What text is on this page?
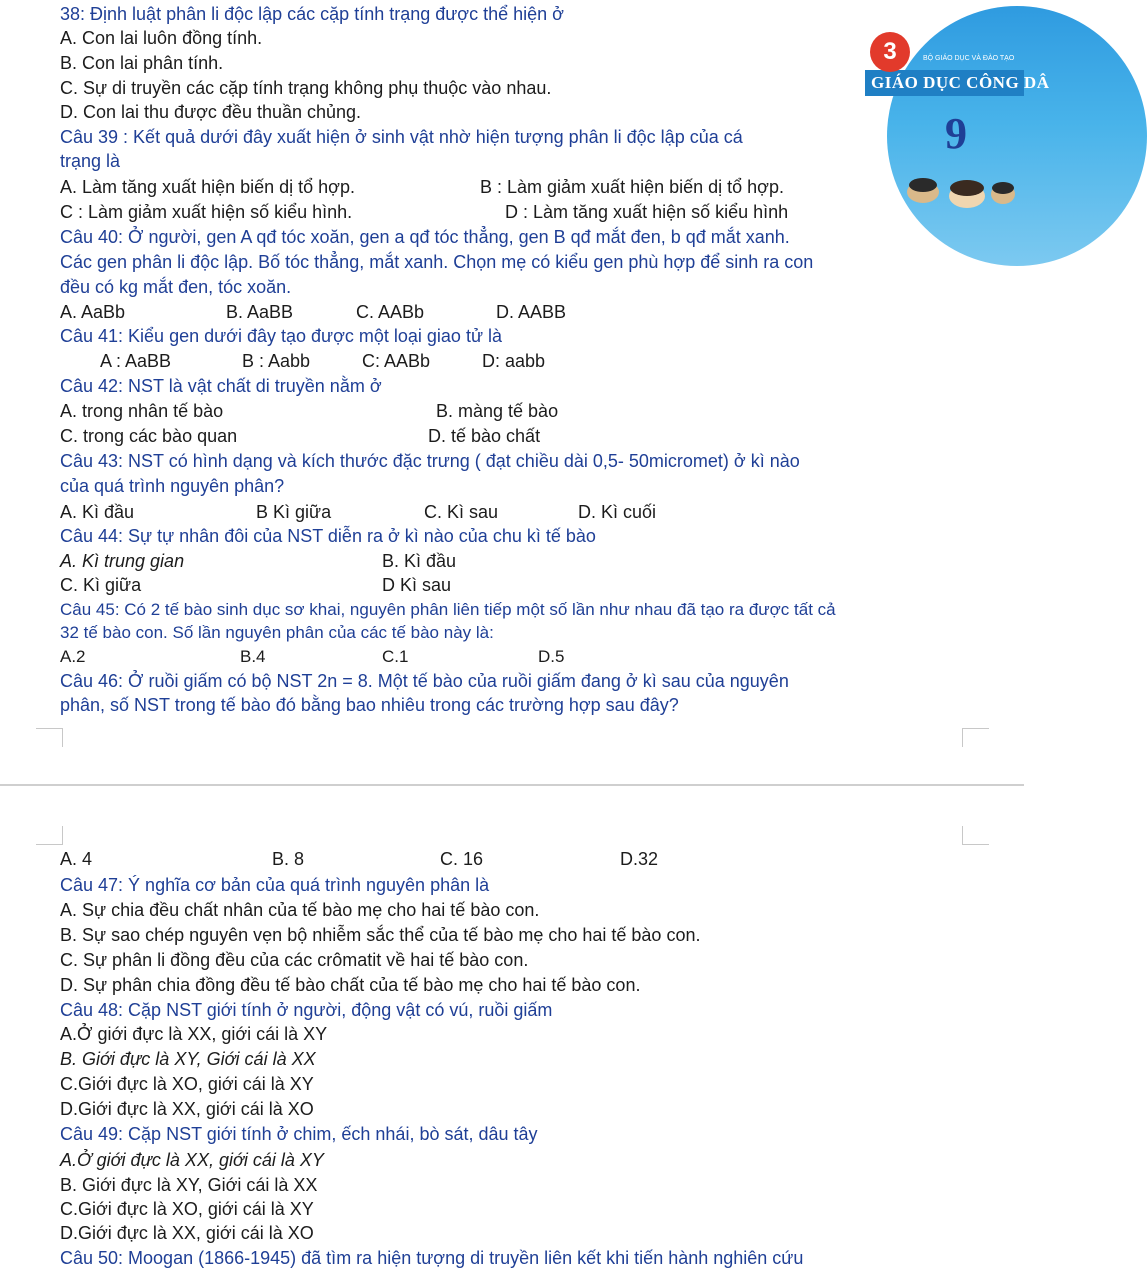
38: Định luật phân li độc lập các cặp tính trạng được thể hiện ở
A. Con lai luôn đồng tính.
B. Con lai phân tính.
C. Sự di truyền các cặp tính trạng không phụ thuộc vào nhau.
D. Con lai thu được đều thuần chủng.
Câu 39 : Kết quả dưới đây xuất hiện ở sinh vật nhờ hiện tượng phân li độc lập của cá
trạng là
A. Làm tăng xuất hiện biến dị tổ hợp.	B : Làm giảm xuất hiện biến dị tổ hợp.
C : Làm giảm xuất hiện số kiểu hình.	D : Làm tăng xuất hiện số kiểu hình
Câu 40: Ở người, gen A qđ tóc xoăn, gen a qđ tóc thẳng, gen B qđ mắt đen, b qđ mắt xanh.
Các gen phân li độc lập. Bố tóc thẳng, mắt xanh. Chọn mẹ có kiểu gen phù hợp để sinh ra con
đều có kg mắt đen, tóc xoăn.
A. AaBb	B. AaBB	C. AABb	D. AABB
Câu 41: Kiểu gen dưới đây tạo được một loại giao tử là
A : AaBB	B : Aabb	C: AABb	D: aabb
Câu 42: NST là vật chất di truyền nằm ở
A. trong nhân tế bào	B. màng tế bào
C. trong các bào quan	D. tế bào chất
Câu 43: NST có hình dạng và kích thước đặc trưng ( đạt chiều dài 0,5- 50micromet) ở kì nào
của quá trình nguyên phân?
A. Kì đầu	B Kì giữa	C. Kì sau	D. Kì cuối
Câu 44: Sự tự nhân đôi của NST diễn ra ở kì nào của chu kì tế bào
A. Kì trung gian	B. Kì đầu
C. Kì giữa	D Kì sau
Câu 45: Có 2 tế bào sinh dục sơ khai, nguyên phân liên tiếp một số lần như nhau đã tạo ra được tất cả
32 tế bào con. Số lần nguyên phân của các tế bào này là:
A.2	B.4	C.1	D.5
Câu 46: Ở ruồi giấm có bộ NST 2n = 8. Một tế bào của ruồi giấm đang ở kì sau của nguyên
phân, số NST trong tế bào đó bằng bao nhiêu trong các trường hợp sau đây?
A. 4	B. 8	C. 16	D.32
Câu 47: Ý nghĩa cơ bản của quá trình nguyên phân là
A. Sự chia đều chất nhân của tế bào mẹ cho hai tế bào con.
B. Sự sao chép nguyên vẹn bộ nhiễm sắc thể của tế bào mẹ cho hai tế bào con.
C. Sự phân li đồng đều của các crômatit về hai tế bào con.
D. Sự phân chia đồng đều tế bào chất của tế bào mẹ cho hai tế bào con.
Câu 48: Cặp NST giới tính ở người, động vật có vú, ruồi giấm
A.Ở giới đực là XX, giới cái là XY
B. Giới đực là XY, Giới cái là XX
C.Giới đực là XO, giới cái là XY
D.Giới đực là XX, giới cái là XO
Câu 49: Cặp NST giới tính ở chim, ếch nhái, bò sát, dâu tây
A.Ở giới đực là XX, giới cái là XY
B. Giới đực là XY, Giới cái là XX
C.Giới đực là XO, giới cái là XY
D.Giới đực là XX, giới cái là XO
Câu 50: Moogan (1866-1945) đã tìm ra hiện tượng di truyền liên kết khi tiến hành nghiên cứu
BỘ GIÁO DỤC VÀ ĐÀO TẠO
GIÁO DỤC CÔNG DÂ
3
9
